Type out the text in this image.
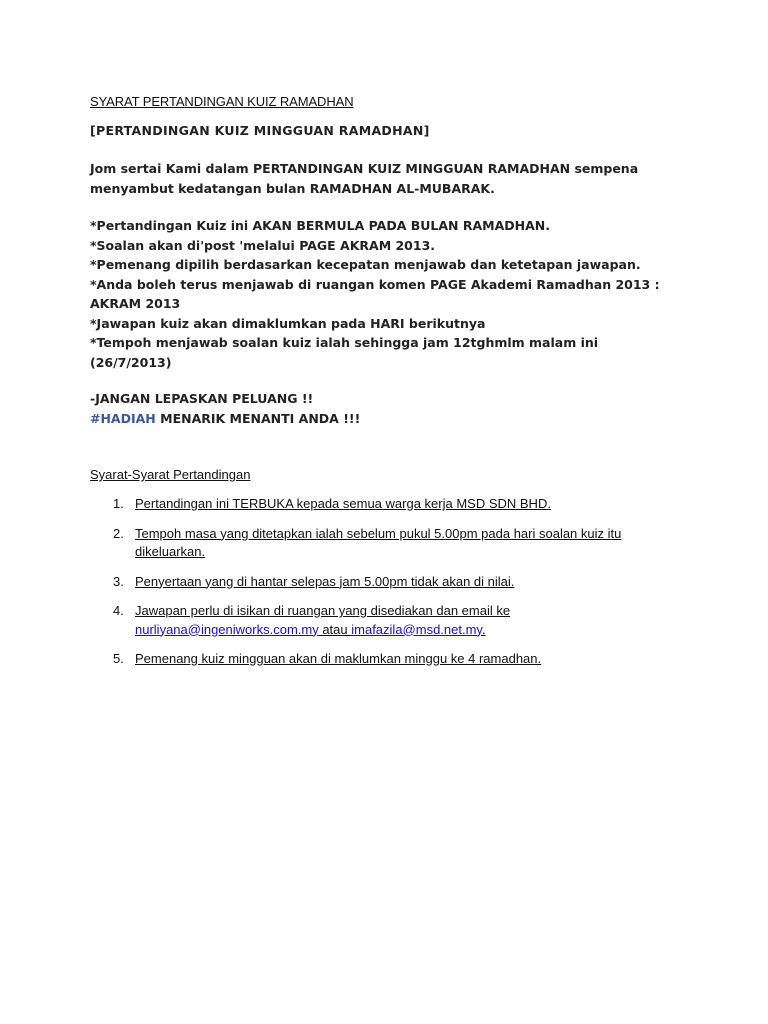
SYARAT PERTANDINGAN KUIZ RAMADHAN
[PERTANDINGAN KUIZ MINGGUAN RAMADHAN]

Jom sertai Kami dalam PERTANDINGAN KUIZ MINGGUAN RAMADHAN sempena

menyambut kedatangan bulan RAMADHAN AL-MUBARAK.

*Pertandingan Kuiz ini AKAN BERMULA PADA BULAN RAMADHAN.

*Soalan akan di'post 'melalui PAGE AKRAM 2013.

*Pemenang dipilih berdasarkan kecepatan menjawab dan ketetapan jawapan.

*Anda boleh terus menjawab di ruangan komen PAGE Akademi Ramadhan 2013 :

AKRAM 2013

*Jawapan kuiz akan dimaklumkan pada HARI berikutnya

*Tempoh menjawab soalan kuiz ialah sehingga jam 12tghmlm malam ini

(26/7/2013)

-JANGAN LEPASKAN PELUANG !!

#HADIAH MENARIK MENANTI ANDA !!!

Syarat-Syarat Pertandingan
1. Pertandingan ini TERBUKA kepada semua warga kerja MSD SDN BHD.
2. Tempoh masa yang ditetapkan ialah sebelum pukul 5.00pm pada hari soalan kuiz itu dikeluarkan.
3. Penyertaan yang di hantar selepas jam 5.00pm tidak akan di nilai.
4. Jawapan perlu di isikan di ruangan yang disediakan dan email ke nurliyana@ingeniworks.com.my atau imafazila@msd.net.my.
5. Pemenang kuiz mingguan akan di maklumkan minggu ke 4 ramadhan.
